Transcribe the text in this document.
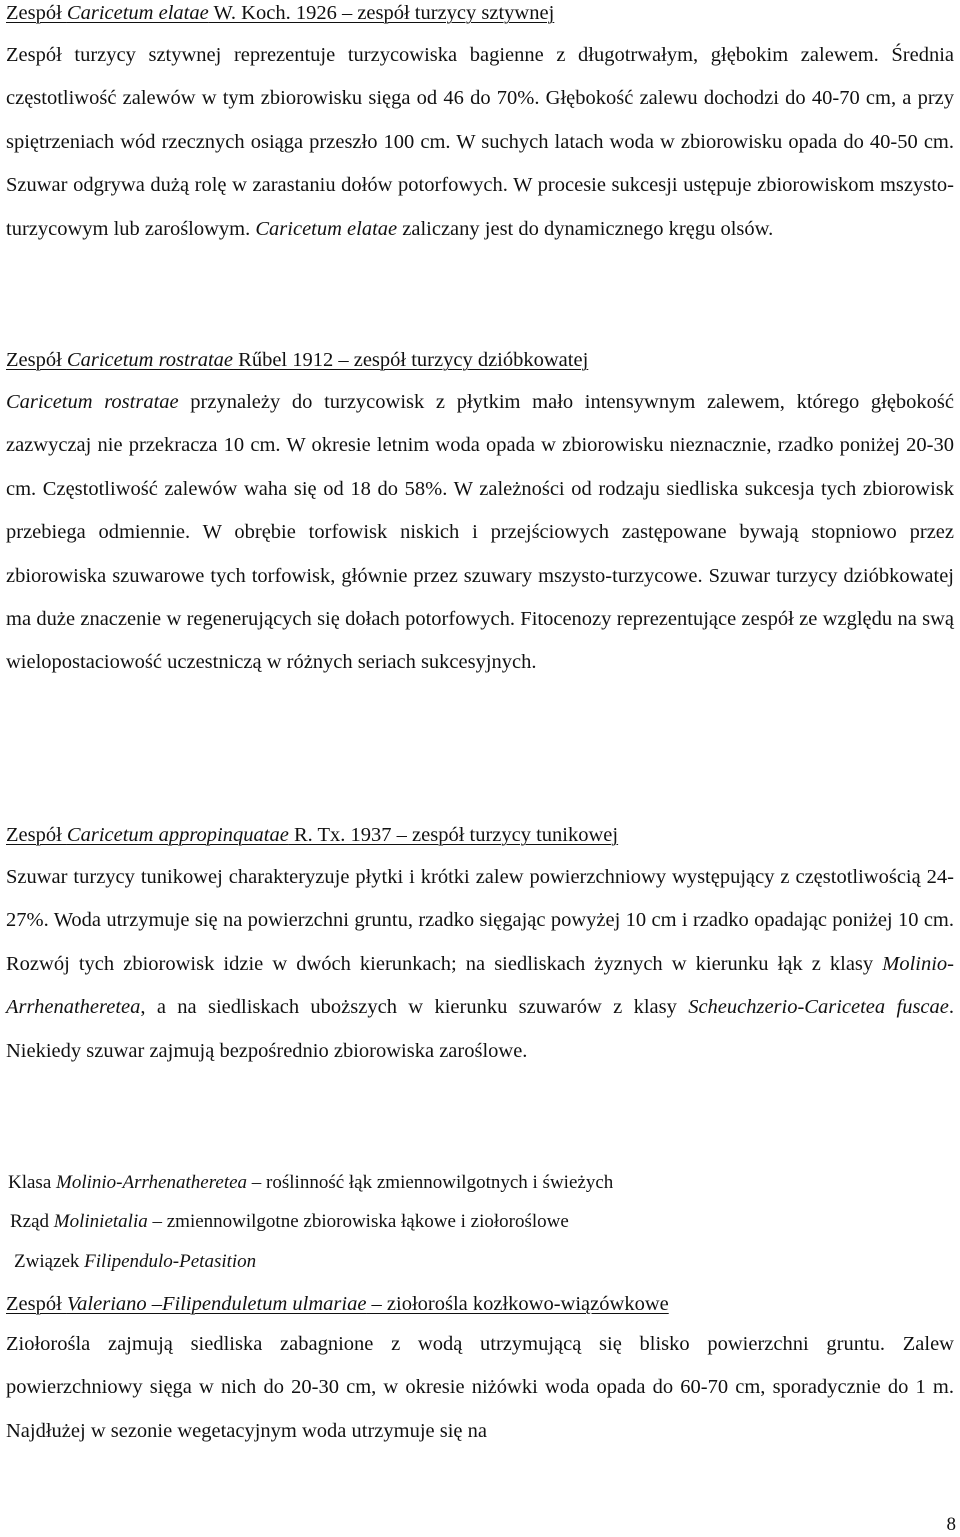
Zespół Caricetum elatae W. Koch. 1926 – zespół turzycy sztywnej

Zespół turzycy sztywnej reprezentuje turzycowiska bagienne z długotrwałym, głębokim zalewem. Średnia częstotliwość zalewów w tym zbiorowisku sięga od 46 do 70%. Głębokość zalewu dochodzi do 40-70 cm, a przy spiętrzeniach wód rzecznych osiąga przeszło 100 cm. W suchych latach woda w zbiorowisku opada do 40-50 cm. Szuwar odgrywa dużą rolę w zarastaniu dołów potorfowych. W procesie sukcesji ustępuje zbiorowiskom mszysto-turzycowym lub zaroślowym. Caricetum elatae zaliczany jest do dynamicznego kręgu olsów.

Zespół Caricetum rostratae Rűbel 1912 – zespół turzycy dzióbkowatej

Caricetum rostratae przynależy do turzycowisk z płytkim mało intensywnym zalewem, którego głębokość zazwyczaj nie przekracza 10 cm. W okresie letnim woda opada w zbiorowisku nieznacznie, rzadko poniżej 20-30 cm. Częstotliwość zalewów waha się od 18 do 58%. W zależności od rodzaju siedliska sukcesja tych zbiorowisk przebiega odmiennie. W obrębie torfowisk niskich i przejściowych zastępowane bywają stopniowo przez zbiorowiska szuwarowe tych torfowisk, głównie przez szuwary mszysto-turzycowe. Szuwar turzycy dzióbkowatej ma duże znaczenie w regenerujących się dołach potorfowych. Fitocenozy reprezentujące zespół ze względu na swą wielopostaciowość uczestniczą w różnych seriach sukcesyjnych.

Zespół Caricetum appropinquatae R. Tx. 1937 – zespół turzycy tunikowej

Szuwar turzycy tunikowej charakteryzuje płytki i krótki zalew powierzchniowy występujący z częstotliwością 24-27%. Woda utrzymuje się na powierzchni gruntu, rzadko sięgając powyżej 10 cm i rzadko opadając poniżej 10 cm. Rozwój tych zbiorowisk idzie w dwóch kierunkach; na siedliskach żyznych w kierunku łąk z klasy Molinio-Arrhenatheretea, a na siedliskach uboższych w kierunku szuwarów z klasy Scheuchzerio-Caricetea fuscae. Niekiedy szuwar zajmują bezpośrednio zbiorowiska zaroślowe.

Klasa Molinio-Arrhenatheretea – roślinność łąk zmiennowilgotnych i świeżych
Rząd Molinietalia – zmiennowilgotne zbiorowiska łąkowe i ziołoroślowe
Związek Filipendulo-Petasition
Zespół Valeriano –Filipenduletum ulmariae – ziołorośla kozłkowo-wiązówkowe

Ziołorośla zajmują siedliska zabagnione z wodą utrzymującą się blisko powierzchni gruntu. Zalew powierzchniowy sięga w nich do 20-30 cm, w okresie niżówki woda opada do 60-70 cm, sporadycznie do 1 m. Najdłużej w sezonie wegetacyjnym woda utrzymuje się na

8
